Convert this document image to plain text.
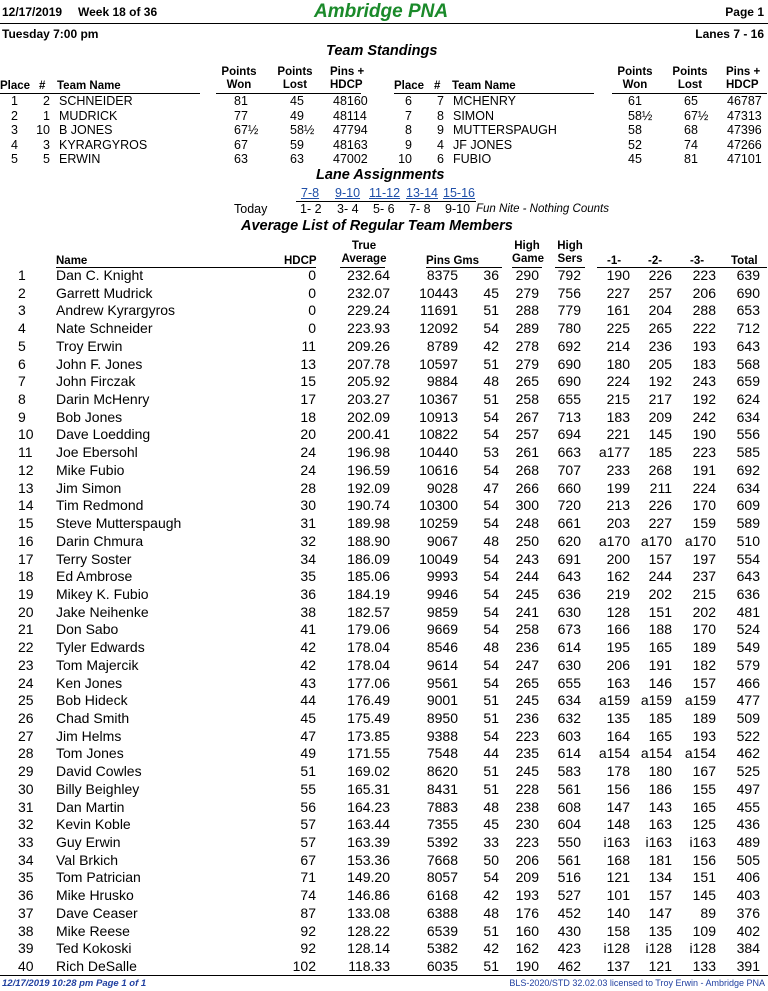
12/17/2019 Week 18 of 36	Ambridge PNA	Page 1
Tuesday 7:00 pm	Lanes 7 - 16
Team Standings
Place # Team Name
Points
Won
Points
Lost
Pins +
HDCP	Place # Team Name
Points
Won
Points
Lost
Pins +
HDCP
1	2 SCHNEIDER	81	45 48160
2	1 MUDRICK	77	49 48114
3	10 B JONES	67½	58½ 47794
4	3 KYRARGYROS	67	59 48163
5	5 ERWIN	63	63 47002
6	7 MCHENRY	61	65 46787
7	8 SIMON	58½	67½ 47313
8	9 MUTTERSPAUGH	58	68 47396
9	4 JF JONES	52	74 47266
10	6 FUBIO	45	81 47101
Lane Assignments
7-8 9-10 11-12 13-14 15-16
Today	1- 2 3- 4 5- 6 7- 8 9-10 Fun Nite - Nothing Counts
Average List of Regular Team Members
Name	HDCP
True
Average	Pins Gms
High
Game
High
Sers -1- -2- -3- Total
1 Dan C. Knight	0 232.64	8375 36 290 792 190 226 223 639
2 Garrett Mudrick	0 232.07 10443 45 279 756 227 257 206 690
3 Andrew Kyrargyros	0 229.24 11691 51 288 779 161 204 288 653
4 Nate Schneider	0 223.93 12092 54 289 780 225 265 222 712
5 Troy Erwin	11 209.26	8789 42 278 692 214 236 193 643
6 John F. Jones	13 207.78 10597 51 279 690 180 205 183 568
7 John Firczak	15 205.92	9884 48 265 690 224 192 243 659
8 Darin McHenry	17 203.27 10367 51 258 655 215 217 192 624
9 Bob Jones	18 202.09 10913 54 267 713 183 209 242 634
10 Dave Loedding	20 200.41 10822 54 257 694 221 145 190 556
11 Joe Ebersohl	24 196.98 10440 53 261 663 a177 185 223 585
12 Mike Fubio	24 196.59 10616 54 268 707 233 268 191 692
13 Jim Simon	28 192.09	9028 47 266 660 199 211 224 634
14 Tim Redmond	30 190.74 10300 54 300 720 213 226 170 609
15 Steve Mutterspaugh	31 189.98 10259 54 248 661 203 227 159 589
16 Darin Chmura	32 188.90	9067 48 250 620 a170 a170 a170 510
17 Terry Soster	34 186.09 10049 54 243 691 200 157 197 554
18 Ed Ambrose	35 185.06	9993 54 244 643 162 244 237 643
19 Mikey K. Fubio	36 184.19	9946 54 245 636 219 202 215 636
20 Jake Neihenke	38 182.57	9859 54 241 630 128 151 202 481
21 Don Sabo	41 179.06	9669 54 258 673 166 188 170 524
22 Tyler Edwards	42 178.04	8546 48 236 614 195 165 189 549
23 Tom Majercik	42 178.04	9614 54 247 630 206 191 182 579
24 Ken Jones	43 177.06	9561 54 265 655 163 146 157 466
25 Bob Hideck	44 176.49	9001 51 245 634 a159 a159 a159 477
26 Chad Smith	45 175.49	8950 51 236 632 135 185 189 509
27 Jim Helms	47 173.85	9388 54 223 603 164 165 193 522
28 Tom Jones	49 171.55	7548 44 235 614 a154 a154 a154 462
29 David Cowles	51 169.02	8620 51 245 583 178 180 167 525
30 Billy Beighley	55 165.31	8431 51 228 561 156 186 155 497
31 Dan Martin	56 164.23	7883 48 238 608 147 143 165 455
32 Kevin Koble	57 163.44	7355 45 230 604 148 163 125 436
33 Guy Erwin	57 163.39	5392 33 223 550 i163 i163 i163 489
34 Val Brkich	67 153.36	7668 50 206 561 168 181 156 505
35 Tom Patrician	71 149.20	8057 54 209 516 121 134 151 406
36 Mike Hrusko	74 146.86	6168 42 193 527 101 157 145 403
37 Dave Ceaser	87 133.08	6388 48 176 452 140 147 89 376
38 Mike Reese	92 128.22	6539 51 160 430 158 135 109 402
39 Ted Kokoski	92 128.14	5382 42 162 423 i128 i128 i128 384
40 Rich DeSalle	102 118.33	6035 51 190 462 137 121 133 391
12/17/2019 10:28 pm Page 1 of 1	BLS-2020/STD 32.02.03 licensed to Troy Erwin - Ambridge PNA
